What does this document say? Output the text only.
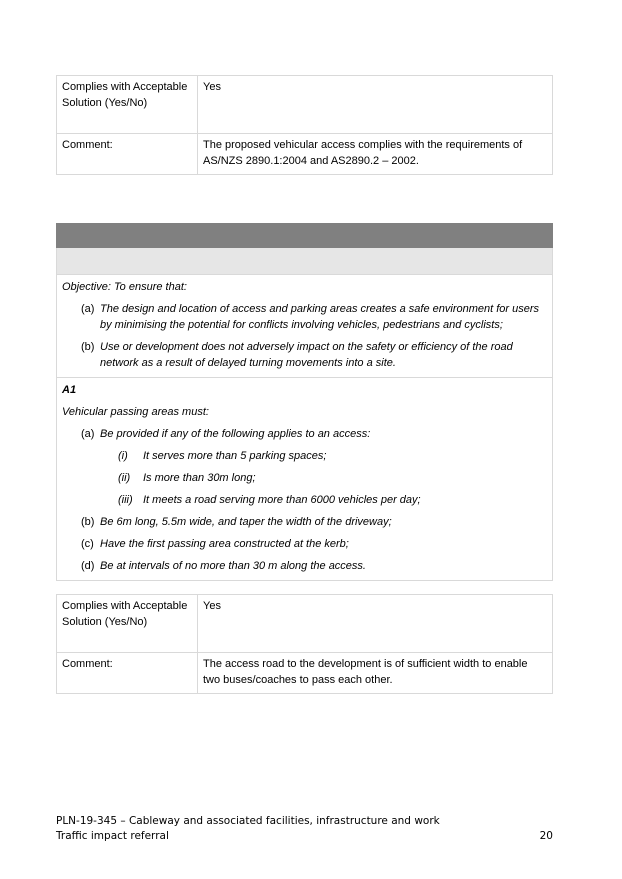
Complies with Acceptable Solution (Yes/No)	Yes
Comment:	The proposed vehicular access complies with the requirements of AS/NZS 2890.1:2004 and AS2890.2 – 2002.
Objective: To ensure that:
(a) The design and location of access and parking areas creates a safe environment for users by minimising the potential for conflicts involving vehicles, pedestrians and cyclists;
(b) Use or development does not adversely impact on the safety or efficiency of the road network as a result of delayed turning movements into a site.
A1
Vehicular passing areas must:
(a) Be provided if any of the following applies to an access:
(i)	It serves more than 5 parking spaces;
(ii)	Is more than 30m long;
(iii) It meets a road serving more than 6000 vehicles per day;
(b) Be 6m long, 5.5m wide, and taper the width of the driveway;
(c) Have the first passing area constructed at the kerb;
(d) Be at intervals of no more than 30 m along the access.
Complies with Acceptable Solution (Yes/No)	Yes
Comment:	The access road to the development is of sufficient width to enable two buses/coaches to pass each other.
PLN-19-345 – Cableway and associated facilities, infrastructure and work
Traffic impact referral	20
